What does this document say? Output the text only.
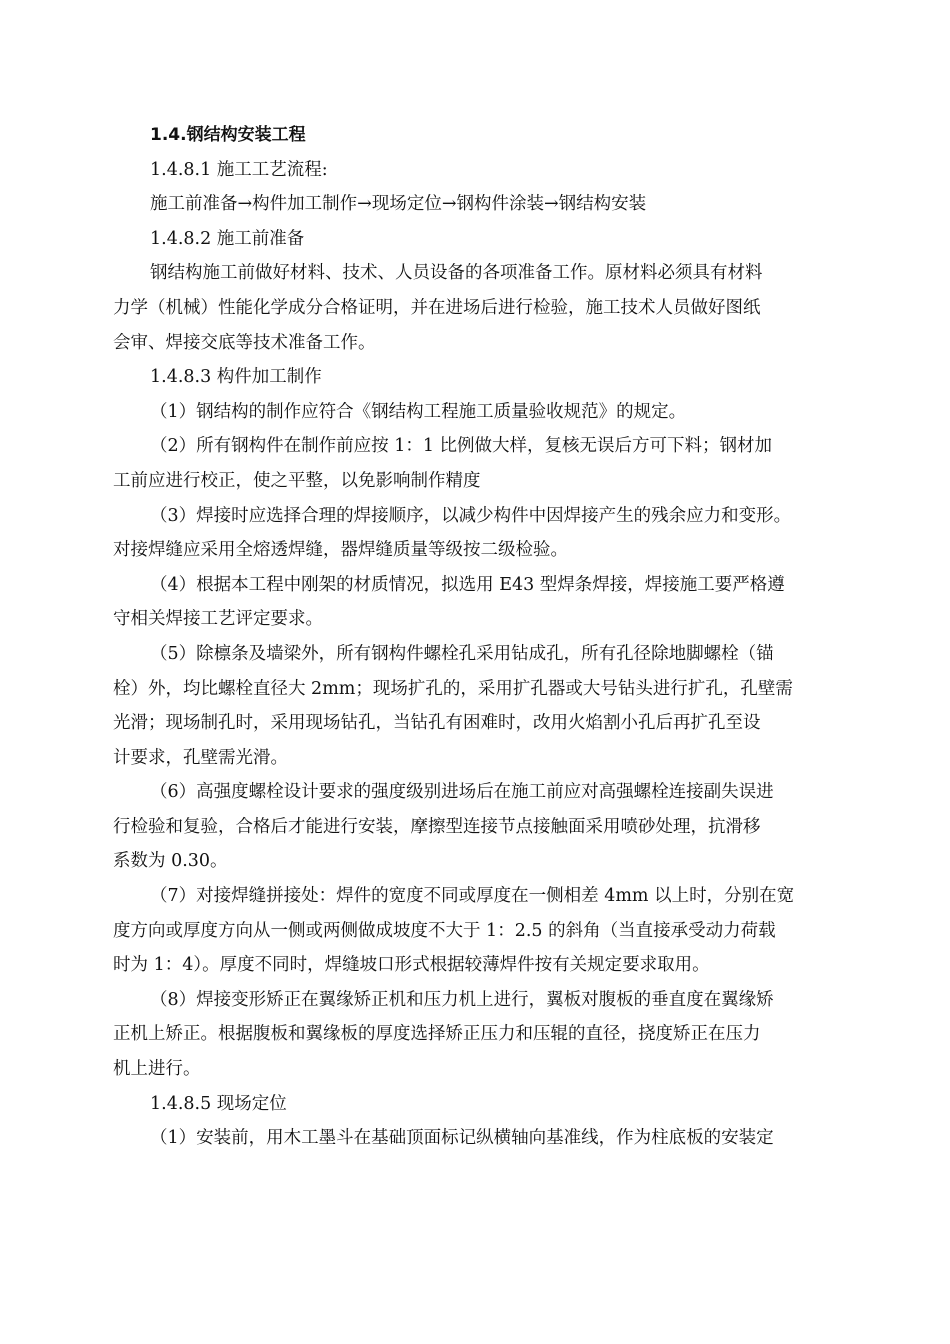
1.4.钢结构安装工程
1.4.8.1 施工工艺流程:
施工前准备→构件加工制作→现场定位→钢构件涂装→钢结构安装
1.4.8.2 施工前准备
钢结构施工前做好材料、技术、人员设备的各项准备工作。原材料必须具有材料
力学（机械）性能化学成分合格证明，并在进场后进行检验，施工技术人员做好图纸
会审、焊接交底等技术准备工作。
1.4.8.3 构件加工制作
（1）钢结构的制作应符合《钢结构工程施工质量验收规范》的规定。
（2）所有钢构件在制作前应按 1：1 比例做大样，复核无误后方可下料；钢材加
工前应进行校正，使之平整，以免影响制作精度
（3）焊接时应选择合理的焊接顺序，以减少构件中因焊接产生的残余应力和变形。
对接焊缝应采用全熔透焊缝，器焊缝质量等级按二级检验。
（4）根据本工程中刚架的材质情况，拟选用 E43 型焊条焊接，焊接施工要严格遵
守相关焊接工艺评定要求。
（5）除檩条及墙梁外，所有钢构件螺栓孔采用钻成孔，所有孔径除地脚螺栓（锚
栓）外，均比螺栓直径大 2mm；现场扩孔的，采用扩孔器或大号钻头进行扩孔，孔壁需
光滑；现场制孔时，采用现场钻孔，当钻孔有困难时，改用火焰割小孔后再扩孔至设
计要求，孔壁需光滑。
（6）高强度螺栓设计要求的强度级别进场后在施工前应对高强螺栓连接副失误进
行检验和复验，合格后才能进行安装，摩擦型连接节点接触面采用喷砂处理，抗滑移
系数为 0.30。
（7）对接焊缝拼接处：焊件的宽度不同或厚度在一侧相差 4mm 以上时，分别在宽
度方向或厚度方向从一侧或两侧做成坡度不大于 1：2.5 的斜角（当直接承受动力荷载
时为 1：4）。厚度不同时，焊缝坡口形式根据较薄焊件按有关规定要求取用。
（8）焊接变形矫正在翼缘矫正机和压力机上进行，翼板对腹板的垂直度在翼缘矫
正机上矫正。根据腹板和翼缘板的厚度选择矫正压力和压辊的直径，挠度矫正在压力
机上进行。
1.4.8.5 现场定位
（1）安装前，用木工墨斗在基础顶面标记纵横轴向基准线，作为柱底板的安装定
